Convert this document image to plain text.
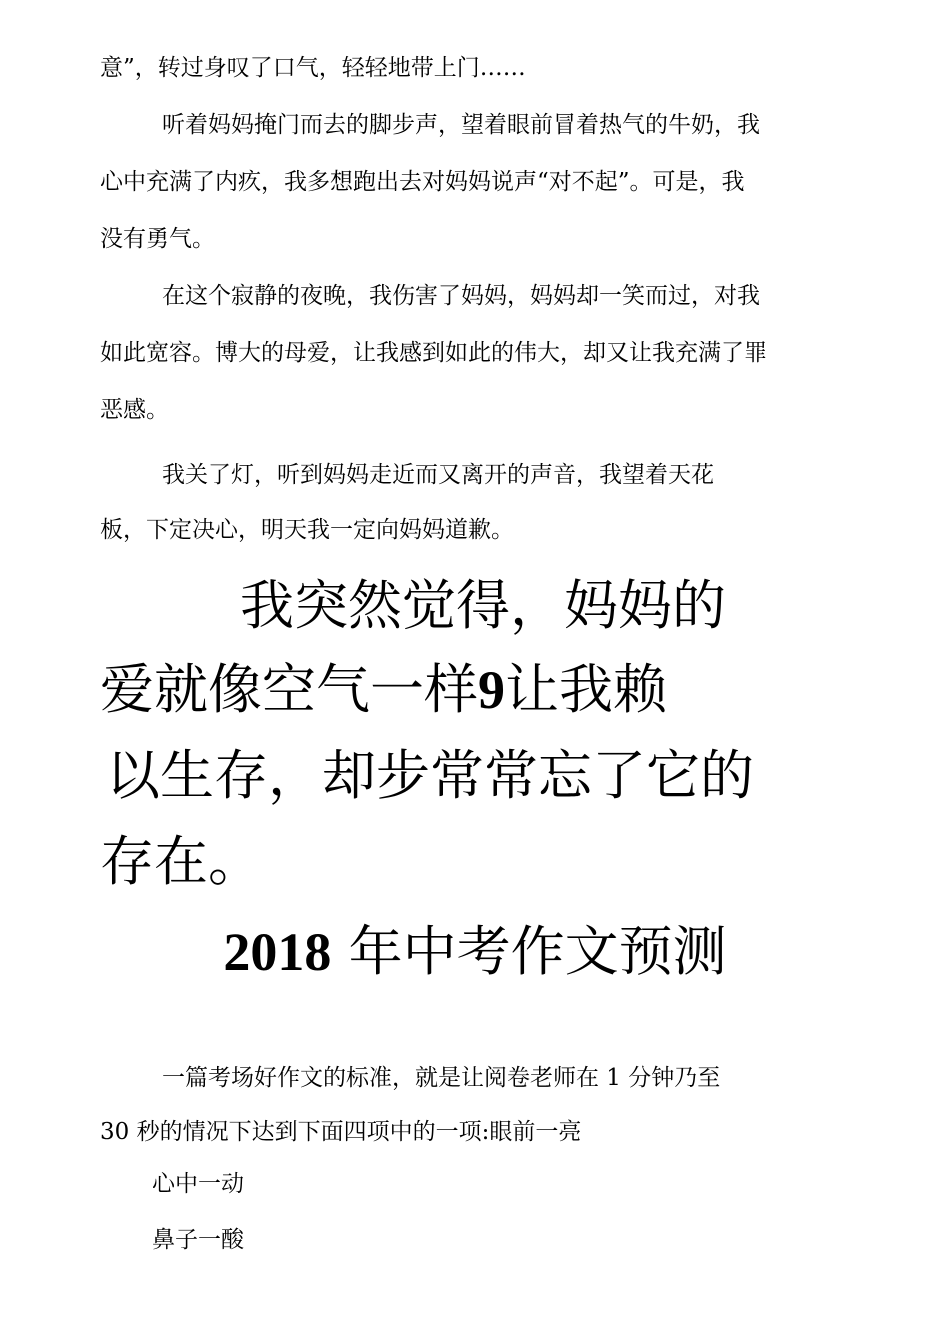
意”，转过身叹了口气，轻轻地带上门……
听着妈妈掩门而去的脚步声，望着眼前冒着热气的牛奶，我
心中充满了内疚，我多想跑出去对妈妈说声“对不起”。可是，我
没有勇气。
在这个寂静的夜晚，我伤害了妈妈，妈妈却一笑而过，对我
如此宽容。博大的母爱，让我感到如此的伟大，却又让我充满了罪
恶感。
我关了灯，听到妈妈走近而又离开的声音，我望着天花
板，下定决心，明天我一定向妈妈道歉。
我突然觉得，妈妈的
爱就像空气一样9让我赖
以生存，却步常常忘了它的
存在。
2018 年中考作文预测
一篇考场好作文的标准，就是让阅卷老师在 1 分钟乃至
30 秒的情况下达到下面四项中的一项:眼前一亮
心中一动
鼻子一酸
